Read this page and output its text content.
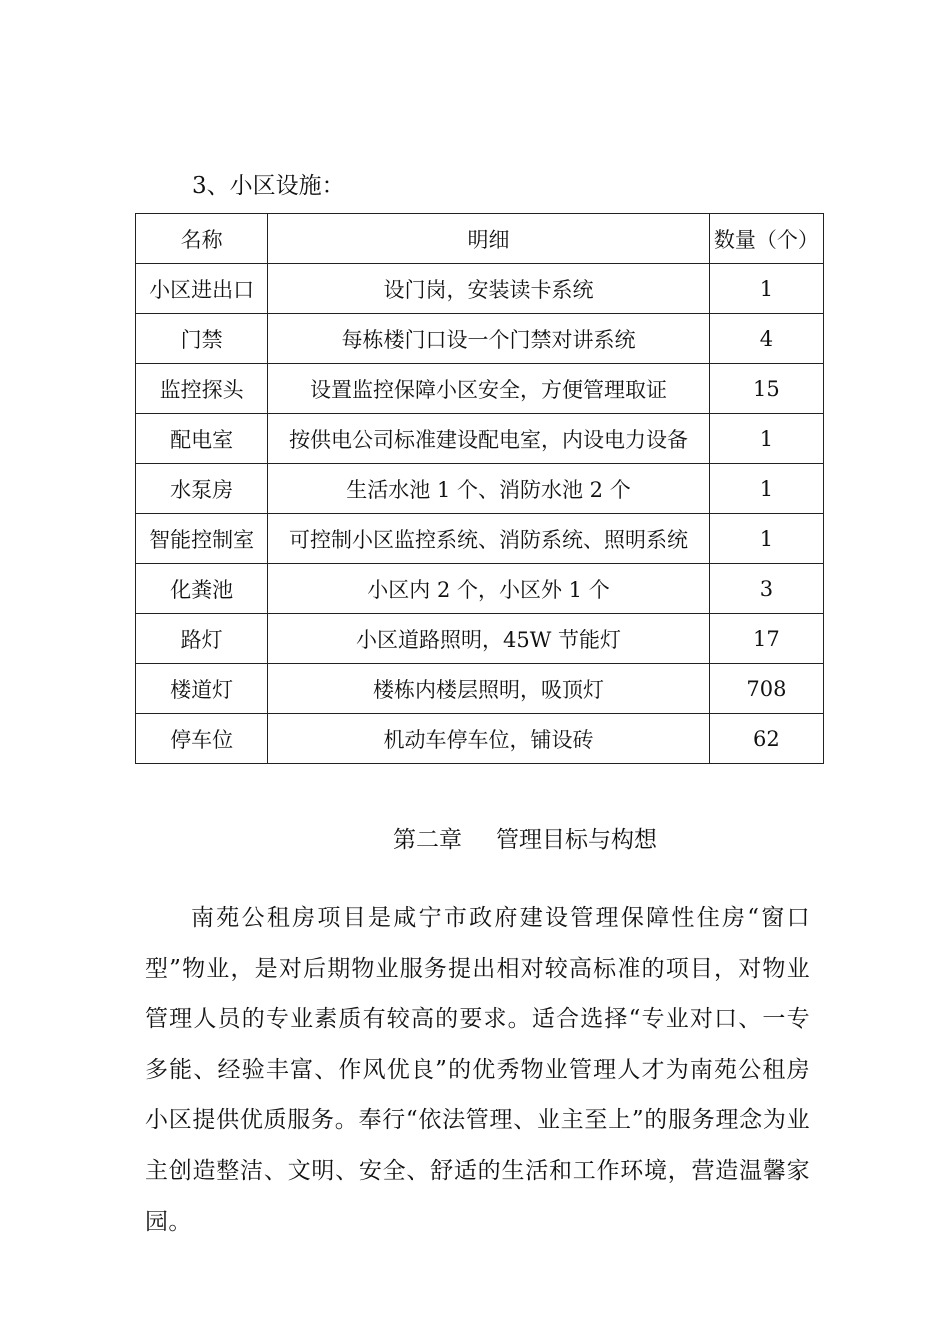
3、小区设施：
名称	明细	数量（个）
小区进出口	设门岗，安装读卡系统	1
门禁	每栋楼门口设一个门禁对讲系统	4
监控探头	设置监控保障小区安全，方便管理取证	15
配电室	按供电公司标准建设配电室，内设电力设备	1
水泵房	生活水池 1 个、消防水池 2 个	1
智能控制室	可控制小区监控系统、消防系统、照明系统	1
化粪池	小区内 2 个，小区外 1 个	3
路灯	小区道路照明，45W 节能灯	17
楼道灯	楼栋内楼层照明，吸顶灯	708
停车位	机动车停车位，铺设砖	62
第二章 管理目标与构想

南苑公租房项目是咸宁市政府建设管理保障性住房“窗口型”物业，是对后期物业服务提出相对较高标准的项目，对物业管理人员的专业素质有较高的要求。适合选择“专业对口、一专多能、经验丰富、作风优良”的优秀物业管理人才为南苑公租房小区提供优质服务。奉行“依法管理、业主至上”的服务理念为业主创造整洁、文明、安全、舒适的生活和工作环境，营造温馨家园。
